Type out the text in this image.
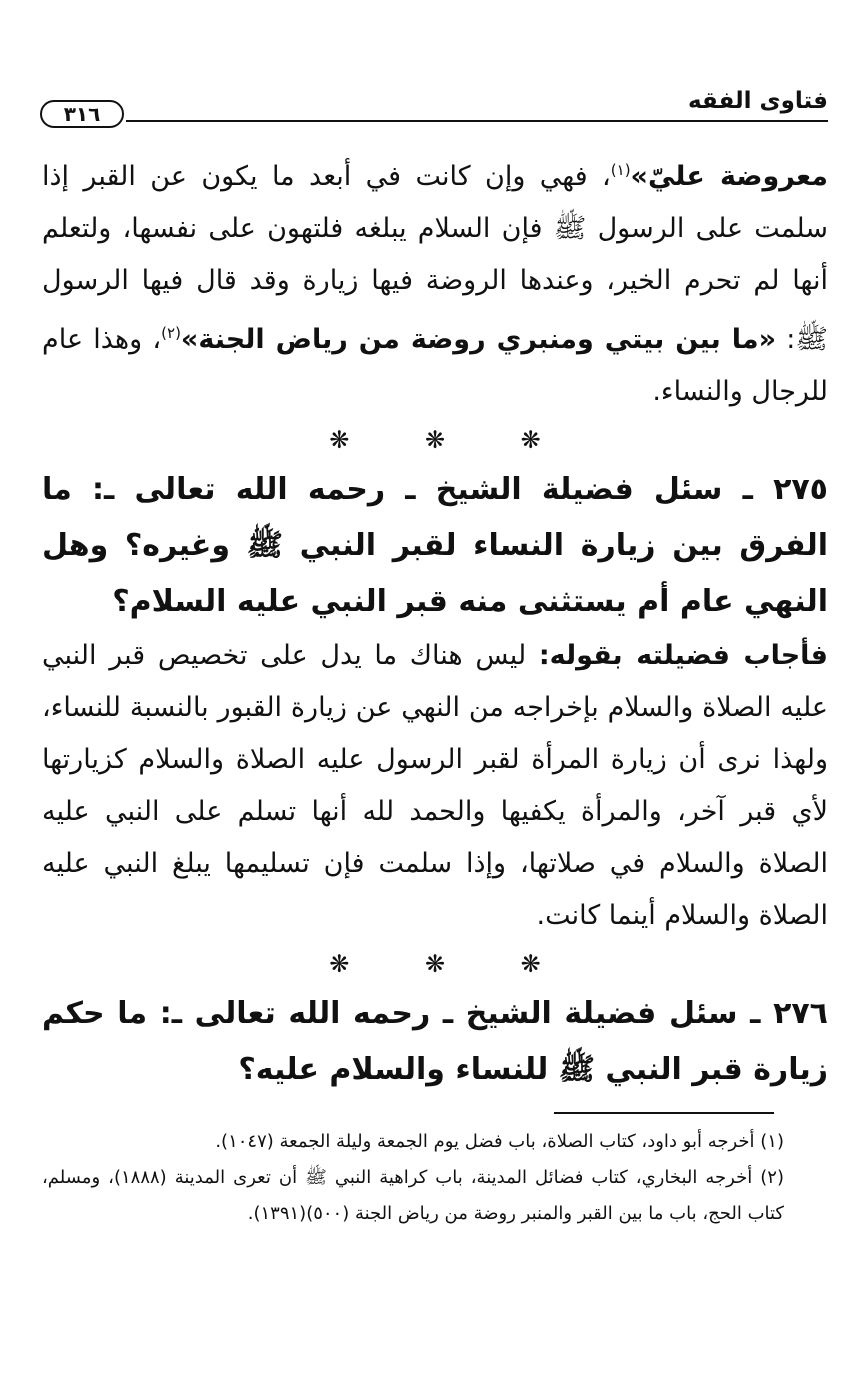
فتاوى الفقه
٣١٦

معروضة عليّ»$^{(١)}$، فهي وإن كانت في أبعد ما يكون عن القبر إذا سلمت على الرسول ﷺ فإن السلام يبلغه فلتهون على نفسها، ولتعلم أنها لم تحرم الخير، وعندها الروضة فيها زيارة وقد قال فيها الرسول ﷺ: «ما بين بيتي ومنبري روضة من رياض الجنة»$^{(٢)}$، وهذا عام للرجال والنساء.

❋ ❋ ❋

٢٧٥ ـ سئل فضيلة الشيخ ـ رحمه الله تعالى ـ: ما الفرق بين زيارة النساء لقبر النبي ﷺ وغيره؟ وهل النهي عام أم يستثنى منه قبر النبي عليه السلام؟

فأجاب فضيلته بقوله: ليس هناك ما يدل على تخصيص قبر النبي عليه الصلاة والسلام بإخراجه من النهي عن زيارة القبور بالنسبة للنساء، ولهذا نرى أن زيارة المرأة لقبر الرسول عليه الصلاة والسلام كزيارتها لأي قبر آخر، والمرأة يكفيها والحمد لله أنها تسلم على النبي عليه الصلاة والسلام في صلاتها، وإذا سلمت فإن تسليمها يبلغ النبي عليه الصلاة والسلام أينما كانت.

❋ ❋ ❋

٢٧٦ ـ سئل فضيلة الشيخ ـ رحمه الله تعالى ـ: ما حكم زيارة قبر النبي ﷺ للنساء والسلام عليه؟

(١) أخرجه أبو داود، كتاب الصلاة، باب فضل يوم الجمعة وليلة الجمعة (١٠٤٧).

(٢) أخرجه البخاري، كتاب فضائل المدينة، باب كراهية النبي ﷺ أن تعرى المدينة (١٨٨٨)، ومسلم، كتاب الحج، باب ما بين القبر والمنبر روضة من رياض الجنة (٥٠٠)(١٣٩١).
